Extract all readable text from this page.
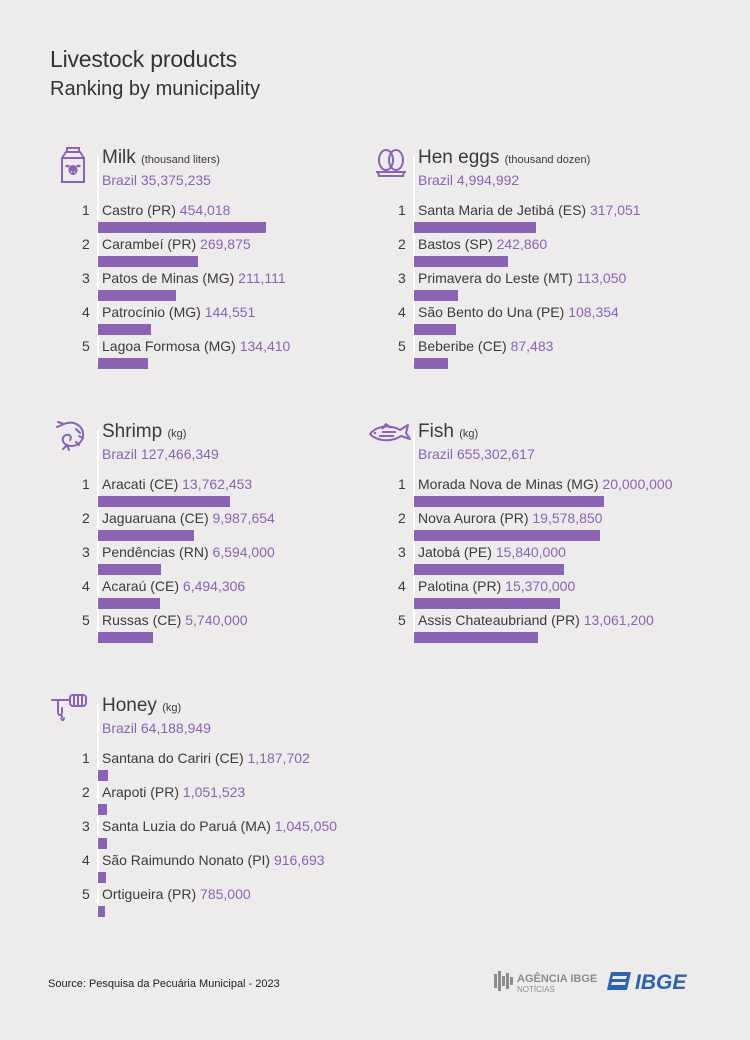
Livestock products
Ranking by municipality
Milk (thousand liters)
Brazil 35,375,235
1 Castro (PR) 454,018
2 Carambeí (PR) 269,875
3 Patos de Minas (MG) 211,111
4 Patrocínio (MG) 144,551
5 Lagoa Formosa (MG) 134,410
Hen eggs (thousand dozen)
Brazil 4,994,992
1 Santa Maria de Jetibá (ES) 317,051
2 Bastos (SP) 242,860
3 Primavera do Leste (MT) 113,050
4 São Bento do Una (PE) 108,354
5 Beberibe (CE) 87,483
Shrimp (kg)
Brazil 127,466,349
1 Aracati (CE) 13,762,453
2 Jaguaruana (CE) 9,987,654
3 Pendências (RN) 6,594,000
4 Acaraú (CE) 6,494,306
5 Russas (CE) 5,740,000
Fish (kg)
Brazil 655,302,617
1 Morada Nova de Minas (MG) 20,000,000
2 Nova Aurora (PR) 19,578,850
3 Jatobá (PE) 15,840,000
4 Palotina (PR) 15,370,000
5 Assis Chateaubriand (PR) 13,061,200
Honey (kg)
Brazil 64,188,949
1 Santana do Cariri (CE) 1,187,702
2 Arapoti (PR) 1,051,523
3 Santa Luzia do Paruá (MA) 1,045,050
4 São Raimundo Nonato (PI) 916,693
5 Ortigueira (PR) 785,000
Source: Pesquisa da Pecuária Municipal - 2023	AGÊNCIA IBGE
NOTÍCIAS	IBGE
